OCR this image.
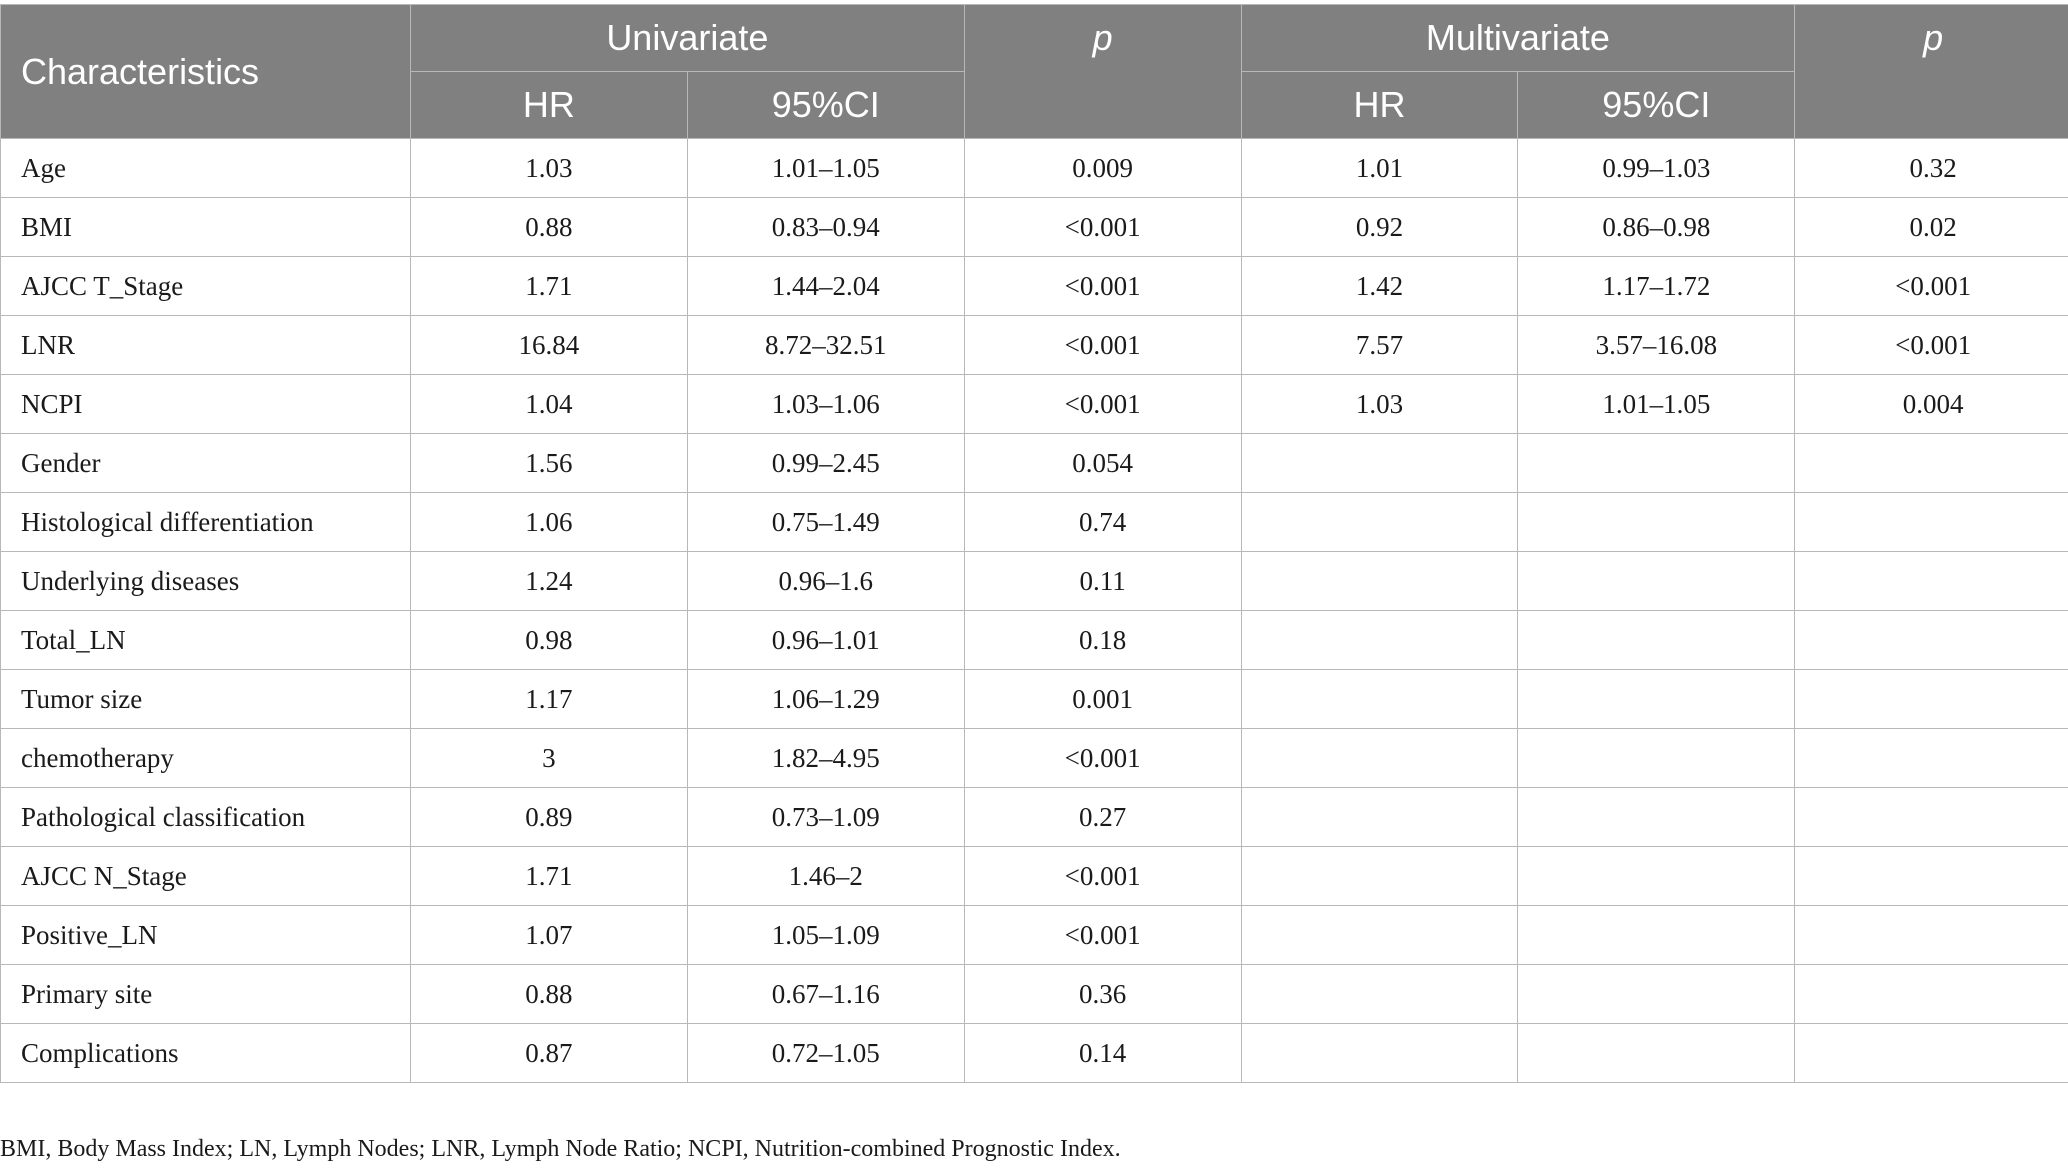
Characteristics	Univariate		p	Multivariate		p
	HR	95%CI		HR	95%CI	
Age	1.03	1.01–1.05	0.009	1.01	0.99–1.03	0.32
BMI	0.88	0.83–0.94	<0.001	0.92	0.86–0.98	0.02
AJCC T_Stage	1.71	1.44–2.04	<0.001	1.42	1.17–1.72	<0.001
LNR	16.84	8.72–32.51	<0.001	7.57	3.57–16.08	<0.001
NCPI	1.04	1.03–1.06	<0.001	1.03	1.01–1.05	0.004
Gender	1.56	0.99–2.45	0.054			
Histological differentiation	1.06	0.75–1.49	0.74			
Underlying diseases	1.24	0.96–1.6	0.11			
Total_LN	0.98	0.96–1.01	0.18			
Tumor size	1.17	1.06–1.29	0.001			
chemotherapy	3	1.82–4.95	<0.001			
Pathological classification	0.89	0.73–1.09	0.27			
AJCC N_Stage	1.71	1.46–2	<0.001			
Positive_LN	1.07	1.05–1.09	<0.001			
Primary site	0.88	0.67–1.16	0.36			
Complications	0.87	0.72–1.05	0.14			
BMI, Body Mass Index; LN, Lymph Nodes; LNR, Lymph Node Ratio; NCPI, Nutrition-combined Prognostic Index.
